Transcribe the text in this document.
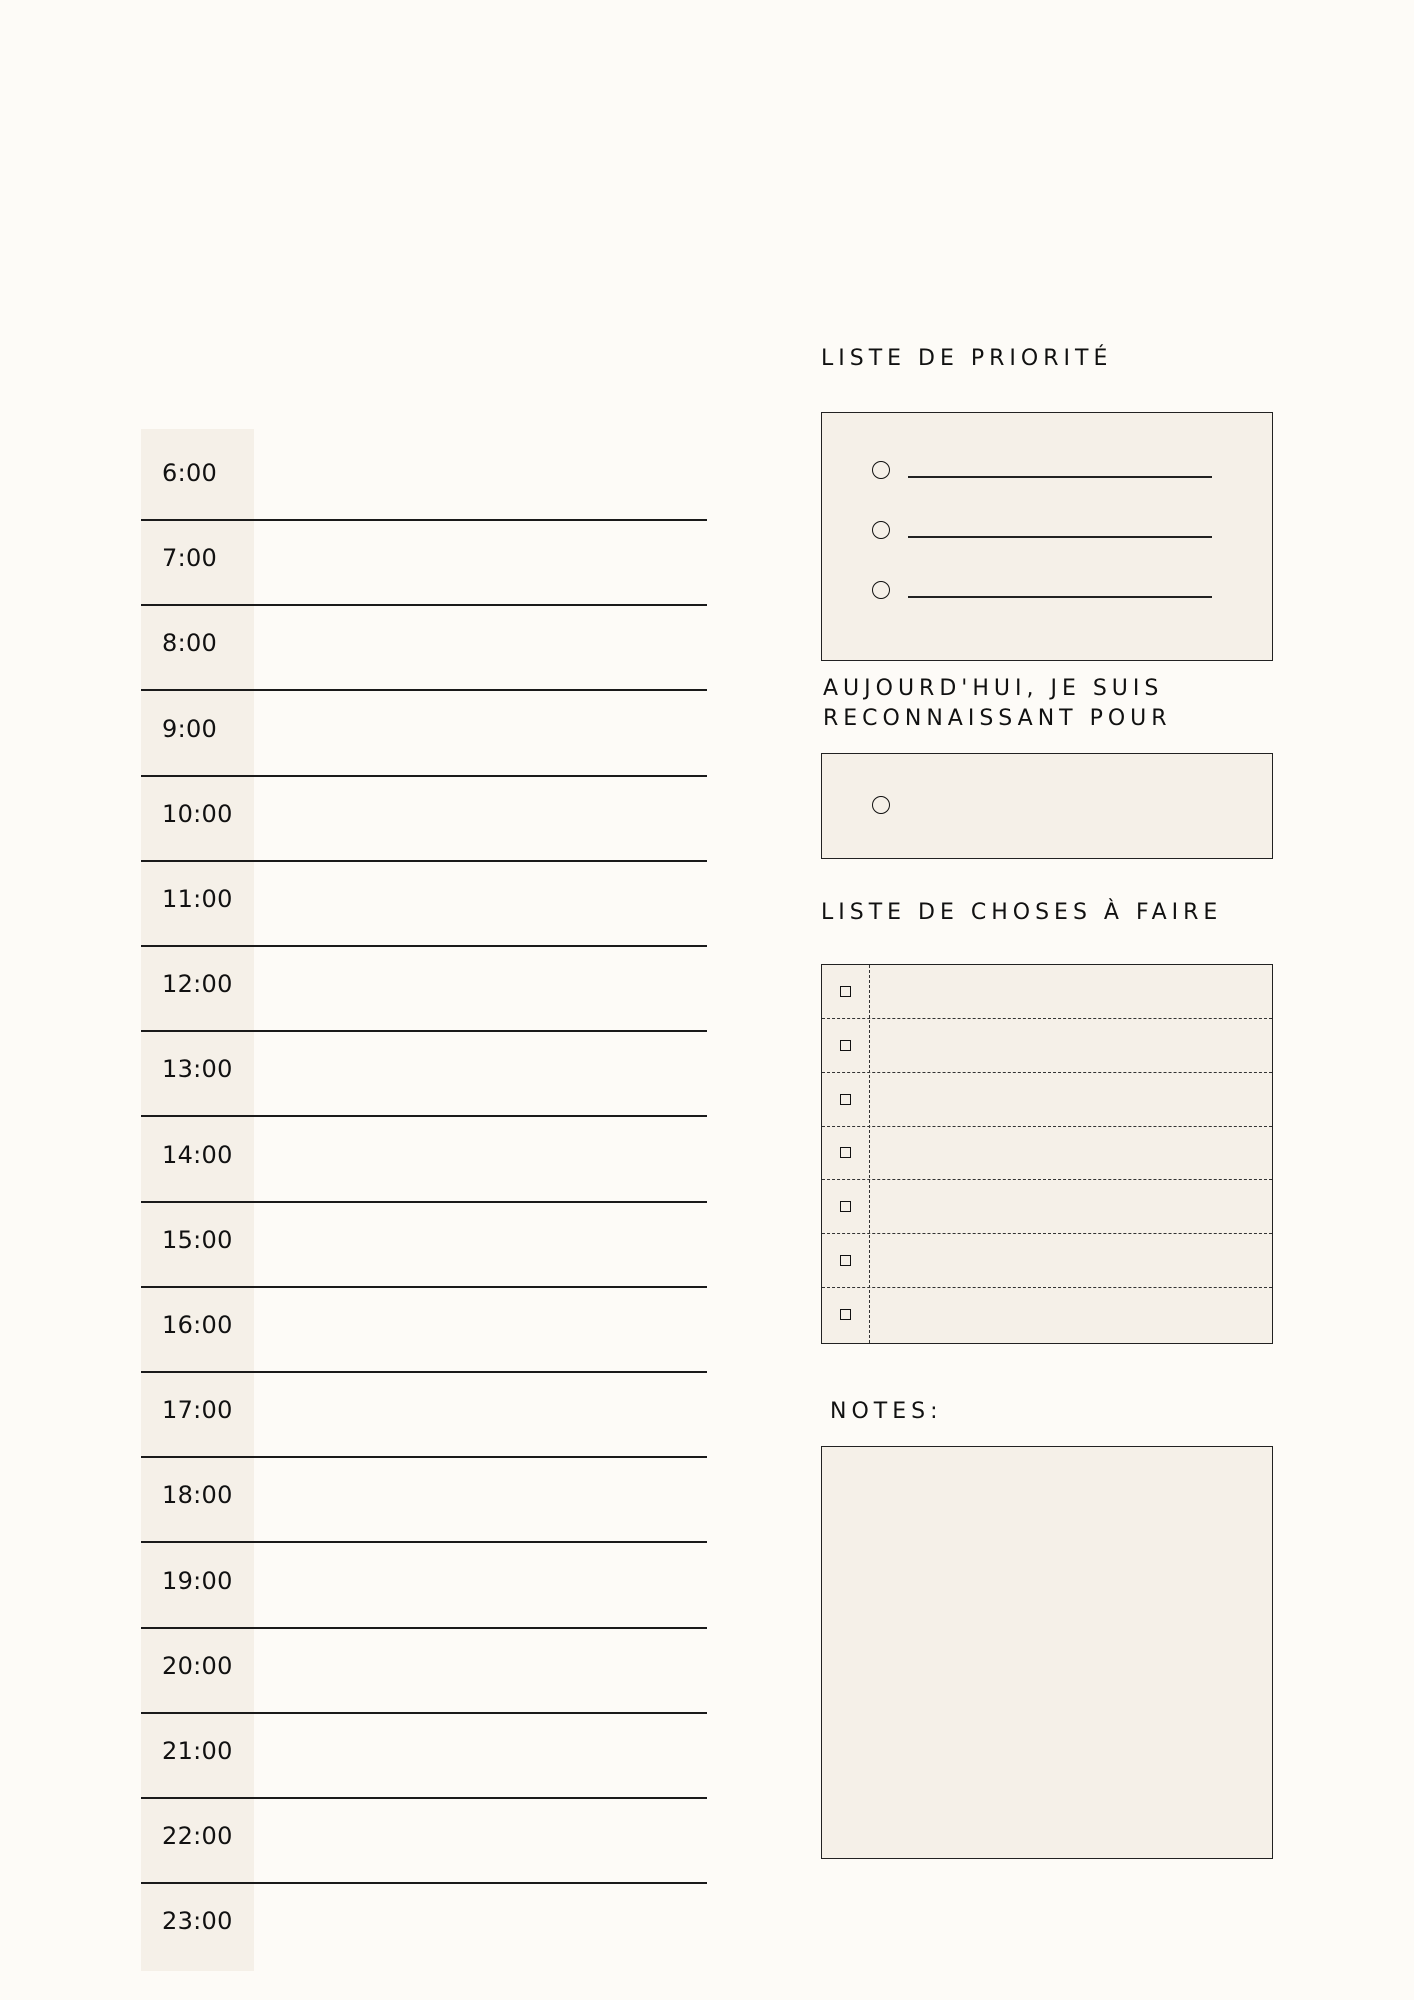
6:00
7:00
8:00
9:00
10:00
11:00
12:00
13:00
14:00
15:00
16:00
17:00
18:00
19:00
20:00
21:00
22:00
23:00
LISTE DE PRIORITÉ
AUJOURD'HUI, JE SUIS
RECONNAISSANT POUR
LISTE DE CHOSES À FAIRE
NOTES:
